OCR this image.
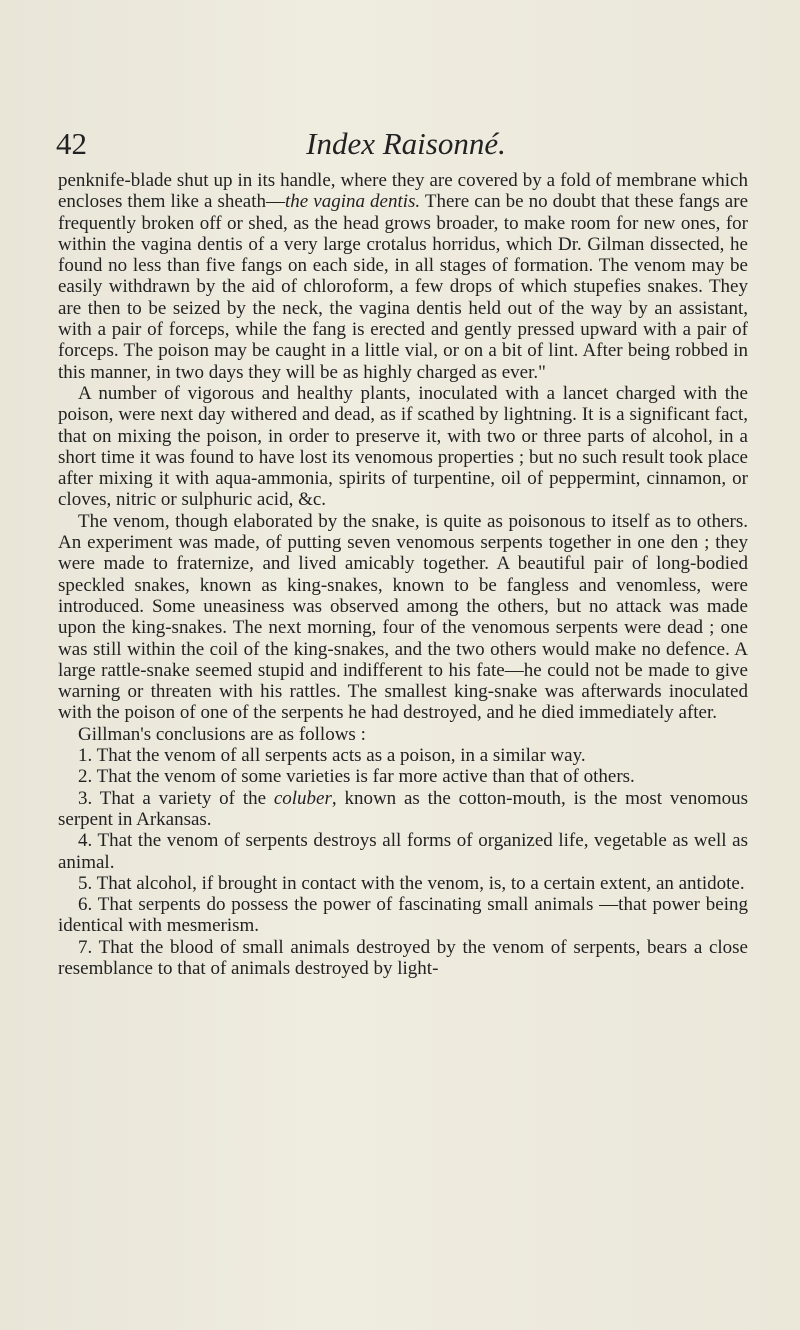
42	Index Raisonné.

penknife-blade shut up in its handle, where they are covered by a fold of membrane which encloses them like a sheath—the vagina dentis. There can be no doubt that these fangs are frequently broken off or shed, as the head grows broader, to make room for new ones, for within the vagina dentis of a very large crotalus horridus, which Dr. Gilman dissected, he found no less than five fangs on each side, in all stages of formation. The venom may be easily withdrawn by the aid of chloroform, a few drops of which stupefies snakes. They are then to be seized by the neck, the vagina dentis held out of the way by an assistant, with a pair of forceps, while the fang is erected and gently pressed upward with a pair of forceps. The poison may be caught in a little vial, or on a bit of lint. After being robbed in this manner, in two days they will be as highly charged as ever."

A number of vigorous and healthy plants, inoculated with a lancet charged with the poison, were next day withered and dead, as if scathed by lightning. It is a significant fact, that on mixing the poison, in order to preserve it, with two or three parts of alcohol, in a short time it was found to have lost its venomous properties ; but no such result took place after mixing it with aqua-ammonia, spirits of turpentine, oil of peppermint, cinnamon, or cloves, nitric or sulphuric acid, &c.

The venom, though elaborated by the snake, is quite as poisonous to itself as to others. An experiment was made, of putting seven venomous serpents together in one den ; they were made to fraternize, and lived amicably together. A beautiful pair of long-bodied speckled snakes, known as king-snakes, known to be fangless and venomless, were introduced. Some uneasiness was observed among the others, but no attack was made upon the king-snakes. The next morning, four of the venomous serpents were dead ; one was still within the coil of the king-snakes, and the two others would make no defence. A large rattle-snake seemed stupid and indifferent to his fate—he could not be made to give warning or threaten with his rattles. The smallest king-snake was afterwards inoculated with the poison of one of the serpents he had destroyed, and he died immediately after.

Gillman's conclusions are as follows :

1. That the venom of all serpents acts as a poison, in a similar way.

2. That the venom of some varieties is far more active than that of others.

3. That a variety of the coluber, known as the cotton-mouth, is the most venomous serpent in Arkansas.

4. That the venom of serpents destroys all forms of organized life, vegetable as well as animal.

5. That alcohol, if brought in contact with the venom, is, to a certain extent, an antidote.

6. That serpents do possess the power of fascinating small animals —that power being identical with mesmerism.

7. That the blood of small animals destroyed by the venom of serpents, bears a close resemblance to that of animals destroyed by light-
